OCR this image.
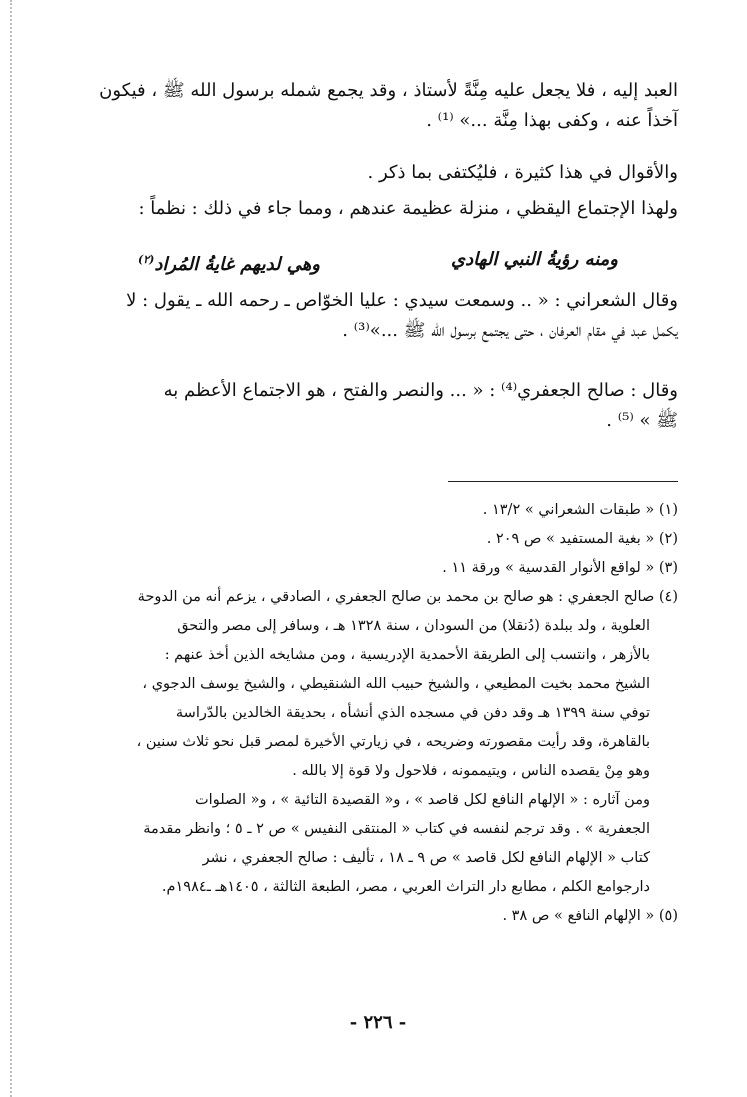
العبد إليه ، فلا يجعل عليه مِنَّةً لأستاذ ، وقد يجمع شمله برسول الله ﷺ ، فيكون

آخذاً عنه ، وكفى بهذا مِنَّة ...» ⁽¹⁾ .

والأقوال في هذا كثيرة ، فليُكتفى بما ذكر .

ولهذا الإجتماع اليقظي ، منزلة عظيمة عندهم ، ومما جاء في ذلك : نظماً :

ومنه رؤيةُ النبي الهادي
وهي لديهم غايةُ المُراد$^{(٢)}$

وقال الشعراني : « .. وسمعت سيدي : عليا الخوّاص ـ رحمه الله ـ يقول : لا

يكمل عبد في مقام العرفان ، حتى يجتمع برسول الله ﷺ ...»⁽³⁾ .

وقال : صالح الجعفري⁽⁴⁾ : « ... والنصر والفتح ، هو الاجتماع الأعظم به

ﷺ » ⁽⁵⁾ .

(١) « طبقات الشعراني » ١٣/٢ .

(٢) « بغية المستفيد » ص ٢٠٩ .

(٣) « لواقع الأنوار القدسية » ورقة ١١ .

(٤) صالح الجعفري : هو صالح بن محمد بن صالح الجعفري ، الصادقي ، يزعم أنه من الدوحة

العلوية ، ولد ببلدة (دُنقلا) من السودان ، سنة ١٣٢٨ هـ ، وسافر إلى مصر والتحق

بالأزهر ، وانتسب إلى الطريقة الأحمدية الإدريسية ، ومن مشايخه الذين أخذ عنهم :

الشيخ محمد بخيت المطيعي ، والشيخ حبيب الله الشنقيطي ، والشيخ يوسف الدجوي ،

توفي سنة ١٣٩٩ هـ وقد دفن في مسجده الذي أنشأه ، بحديقة الخالدين بالدّراسة

بالقاهرة، وقد رأيت مقصورته وضريحه ، في زيارتي الأخيرة لمصر قبل نحو ثلاث سنين ،

وهو مِنْ يقصده الناس ، ويتيممونه ، فلاحول ولا قوة إلا بالله .

ومن آثاره : « الإلهام النافع لكل قاصد » ، و« القصيدة التائية » ، و« الصلوات

الجعفرية » . وقد ترجم لنفسه في كتاب « المنتقى النفيس » ص ٢ ـ ٥ ؛ وانظر مقدمة

كتاب « الإلهام النافع لكل قاصد » ص ٩ ـ ١٨ ، تأليف : صالح الجعفري ، نشر

دارجوامع الكلم ، مطابع دار التراث العربي ، مصر، الطبعة الثالثة ، ١٤٠٥هـ ـ١٩٨٤م.

(٥) « الإلهام النافع » ص ٣٨ .

- ٢٢٦ -
